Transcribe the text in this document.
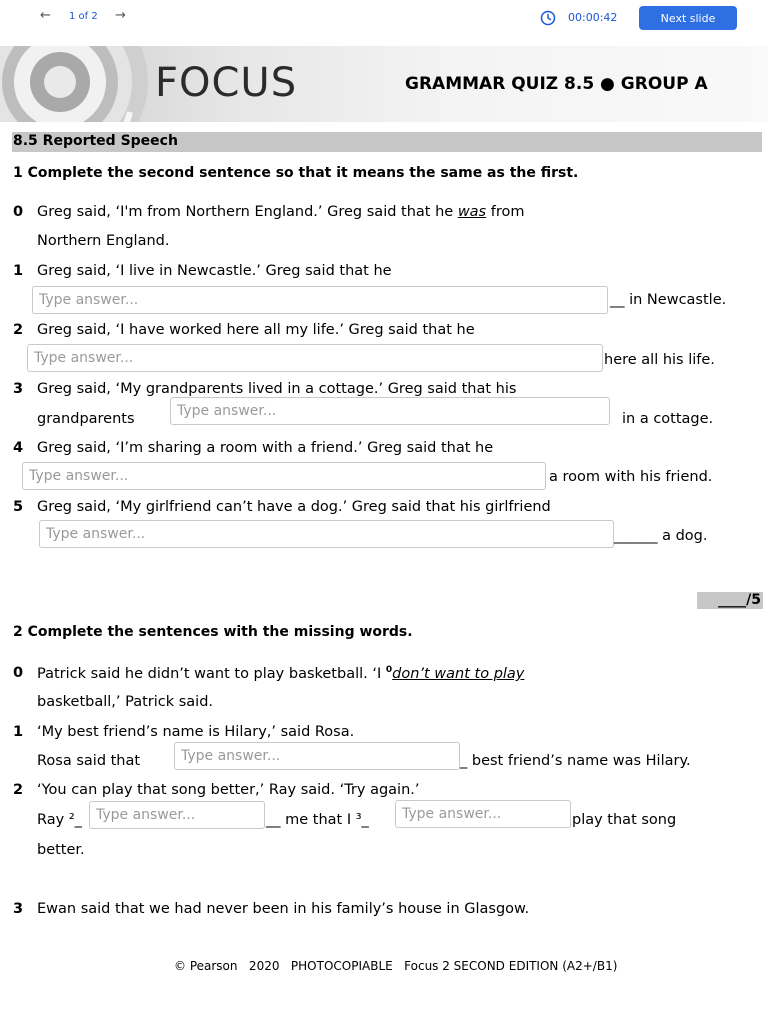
← 1 of 2 →	00:00:42	Next slide
FOCUS	GRAMMAR QUIZ 8.5 ● GROUP A
8.5 Reported Speech
1 Complete the second sentence so that it means the same as the first.
0 Greg said, ‘I'm from Northern England.’ Greg said that he was from
Northern England.
1 Greg said, ‘I live in Newcastle.’ Greg said that he
Type answer...
__ in Newcastle.
2 Greg said, ‘I have worked here all my life.’ Greg said that he
Type answer...
here all his life.
3 Greg said, ‘My grandparents lived in a cottage.’ Greg said that his
grandparents
Type answer...	in a cottage.
4 Greg said, ‘I’m sharing a room with a friend.’ Greg said that he
Type answer...
a room with his friend.
5 Greg said, ‘My girlfriend can’t have a dog.’ Greg said that his girlfriend
Type answer...
______ a dog.
____/5
2 Complete the sentences with the missing words.
0 Patrick said he didn’t want to play basketball. ‘I $^0$don’t want to play
basketball,’ Patrick said.
1 ‘My best friend’s name is Hilary,’ said Rosa.
Rosa said that
Type answer...	_ best friend’s name was Hilary.
2 ‘You can play that song better,’ Ray said. ‘Try again.’
Ray ²_
Type answer...	__ me that I ³_
Type answer...	play that song
better.
3 Ewan said that we had never been in his family’s house in Glasgow.
© Pearson   2020   PHOTOCOPIABLE   Focus 2 SECOND EDITION (A2+/B1)
